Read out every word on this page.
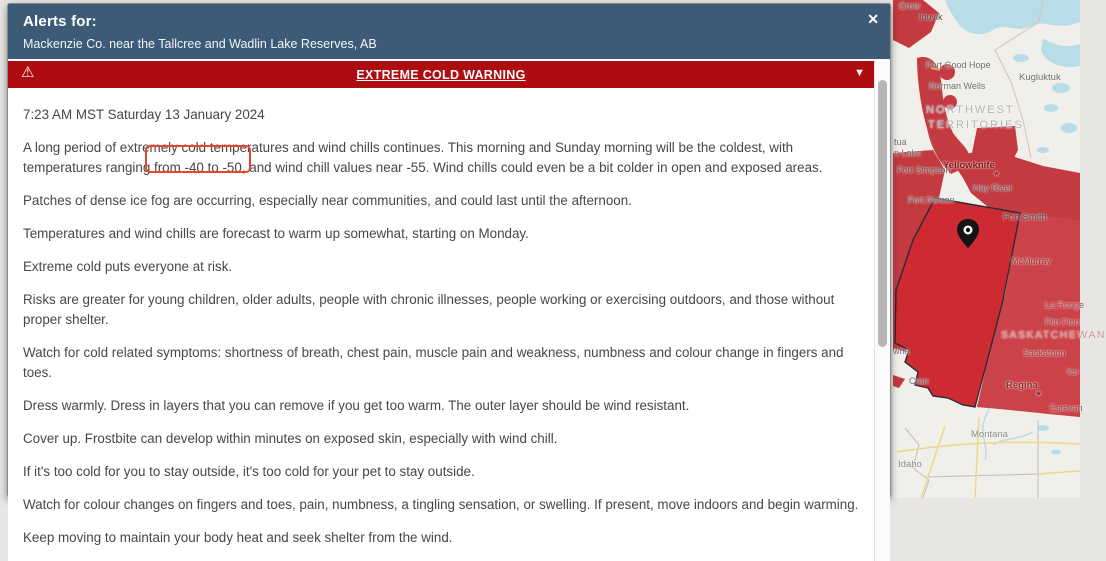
Crow
Inuvik
Fort Good Hope
Norman Wells
Kugluktuk
NORTHWEST
TERRITORIES
tua
n Lake
Fort Simpson
Yellowknife
★
Hay River
Fort Nelson
Fort Smith
McMurray
La Ronge
Flin Flon
SASKATCHEWAN
wna	Saskatoon
Yor
Cran	Regina
★
Estevan
Montana
Idaho
Alerts for:
Mackenzie Co. near the Tallcree and Wadlin Lake Reserves, AB
✕
⚠	EXTREME COLD WARNING	▼

7:23 AM MST Saturday 13 January 2024

A long period of extremely cold temperatures and wind chills continues. This morning and Sunday morning will be the coldest, with temperatures ranging from -40 to -50, and wind chill values near -55. Wind chills could even be a bit colder in open and exposed areas.

Patches of dense ice fog are occurring, especially near communities, and could last until the afternoon.

Temperatures and wind chills are forecast to warm up somewhat, starting on Monday.

Extreme cold puts everyone at risk.

Risks are greater for young children, older adults, people with chronic illnesses, people working or exercising outdoors, and those without proper shelter.

Watch for cold related symptoms: shortness of breath, chest pain, muscle pain and weakness, numbness and colour change in fingers and toes.

Dress warmly. Dress in layers that you can remove if you get too warm. The outer layer should be wind resistant.

Cover up. Frostbite can develop within minutes on exposed skin, especially with wind chill.

If it's too cold for you to stay outside, it's too cold for your pet to stay outside.

Watch for colour changes on fingers and toes, pain, numbness, a tingling sensation, or swelling. If present, move indoors and begin warming.

Keep moving to maintain your body heat and seek shelter from the wind.
